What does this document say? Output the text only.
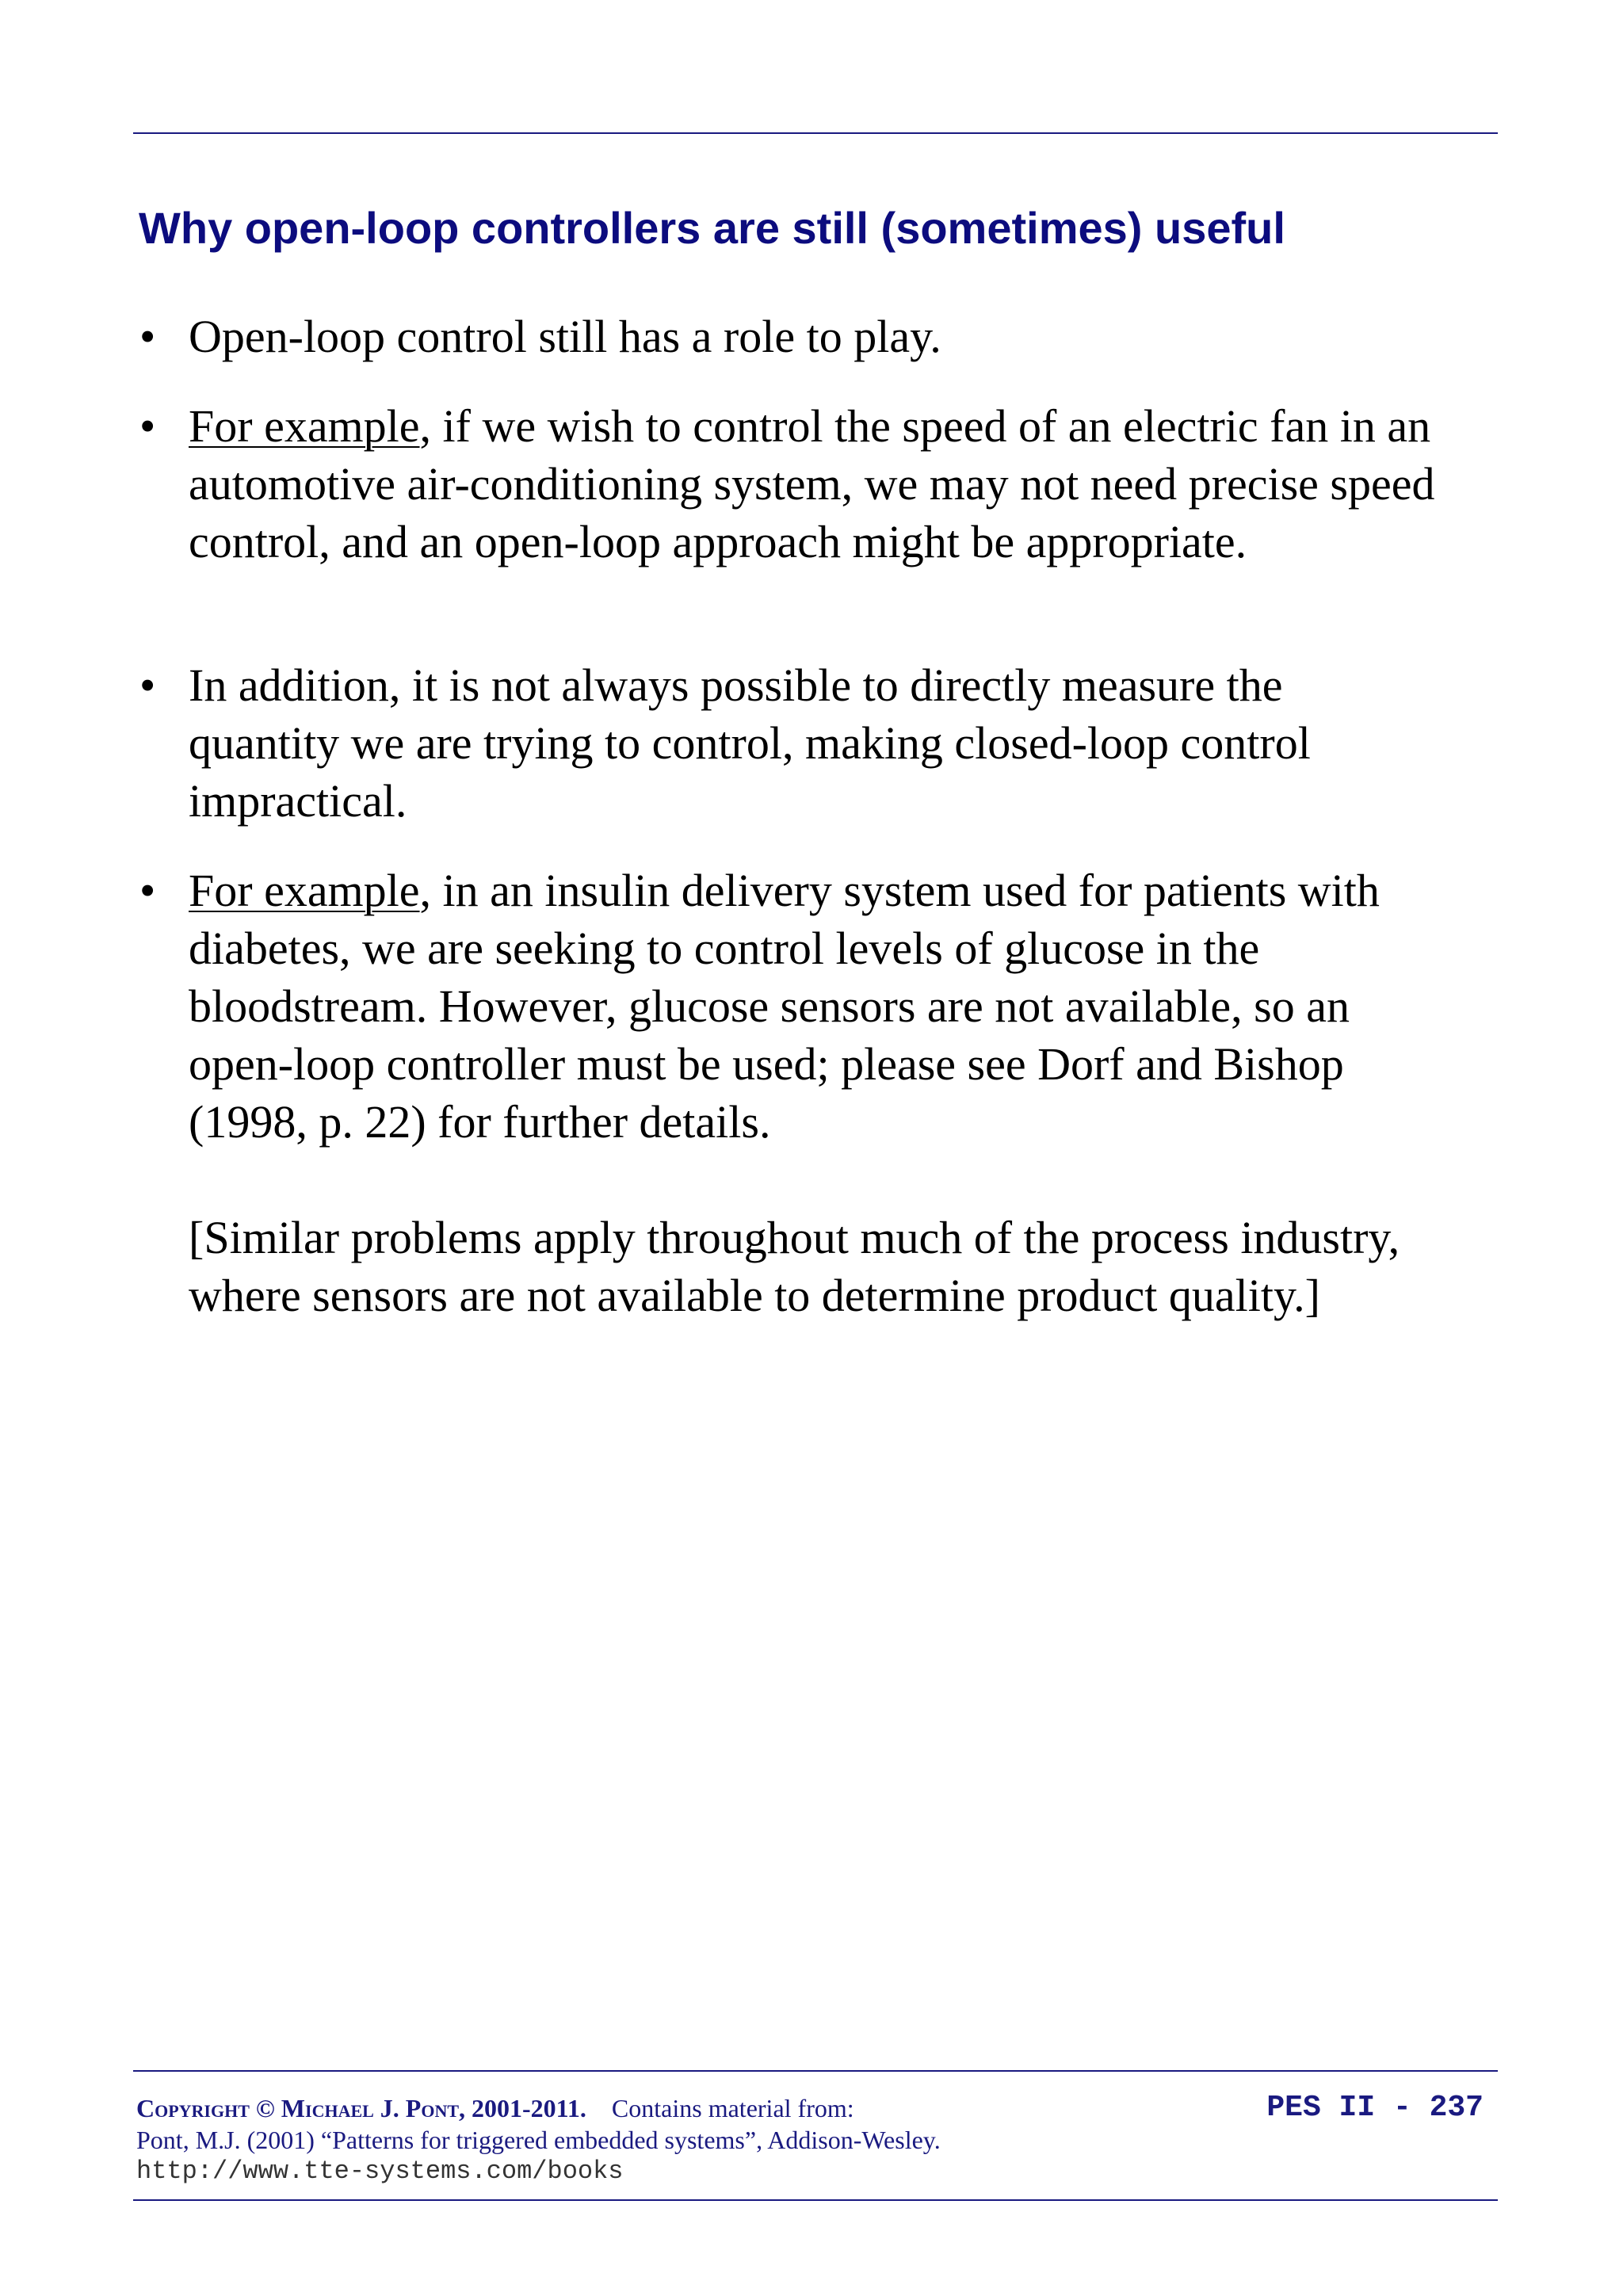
Why open-loop controllers are still (sometimes) useful
• Open-loop control still has a role to play.
• For example, if we wish to control the speed of an electric fan in an automotive air-conditioning system, we may not need precise speed control, and an open-loop approach might be appropriate.
• In addition, it is not always possible to directly measure the quantity we are trying to control, making closed-loop control impractical.
• For example, in an insulin delivery system used for patients with diabetes, we are seeking to control levels of glucose in the bloodstream. However, glucose sensors are not available, so an open-loop controller must be used; please see Dorf and Bishop (1998, p. 22) for further details.
[Similar problems apply throughout much of the process industry, where sensors are not available to determine product quality.]
Copyright © Michael J. Pont, 2001-2011. Contains material from:
Pont, M.J. (2001) “Patterns for triggered embedded systems”, Addison-Wesley.
http://www.tte-systems.com/books
PES II - 237
